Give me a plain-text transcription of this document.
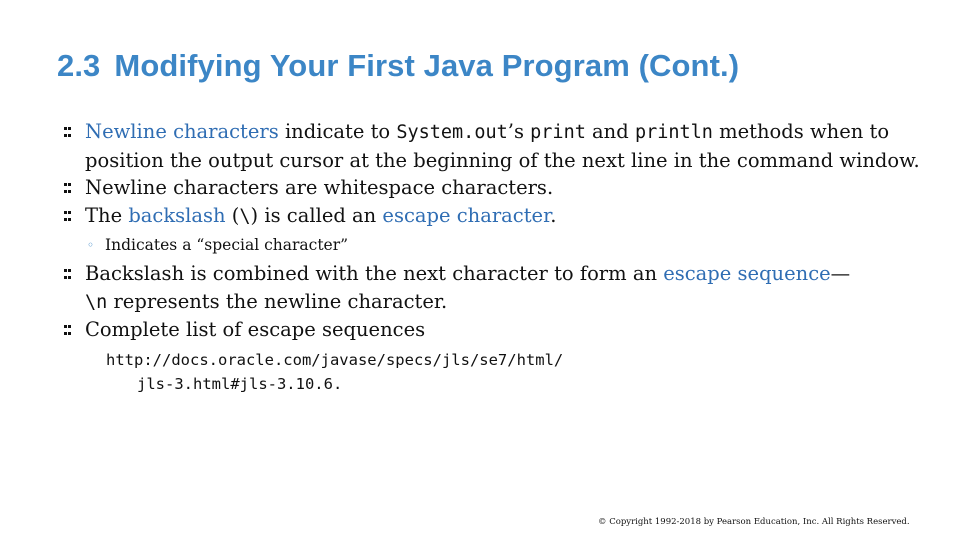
2.3 Modifying Your First Java Program (Cont.)
Newline characters indicate to System.out’s print and println methods when to position the output cursor at the beginning of the next line in the command window.
Newline characters are whitespace characters.
The backslash (\) is called an escape character.
◦ Indicates a “special character”
Backslash is combined with the next character to form an escape sequence—
\n represents the newline character.
Complete list of escape sequences
http://docs.oracle.com/javase/specs/jls/se7/html/
jls-3.html#jls-3.10.6.
© Copyright 1992-2018 by Pearson Education, Inc. All Rights Reserved.
